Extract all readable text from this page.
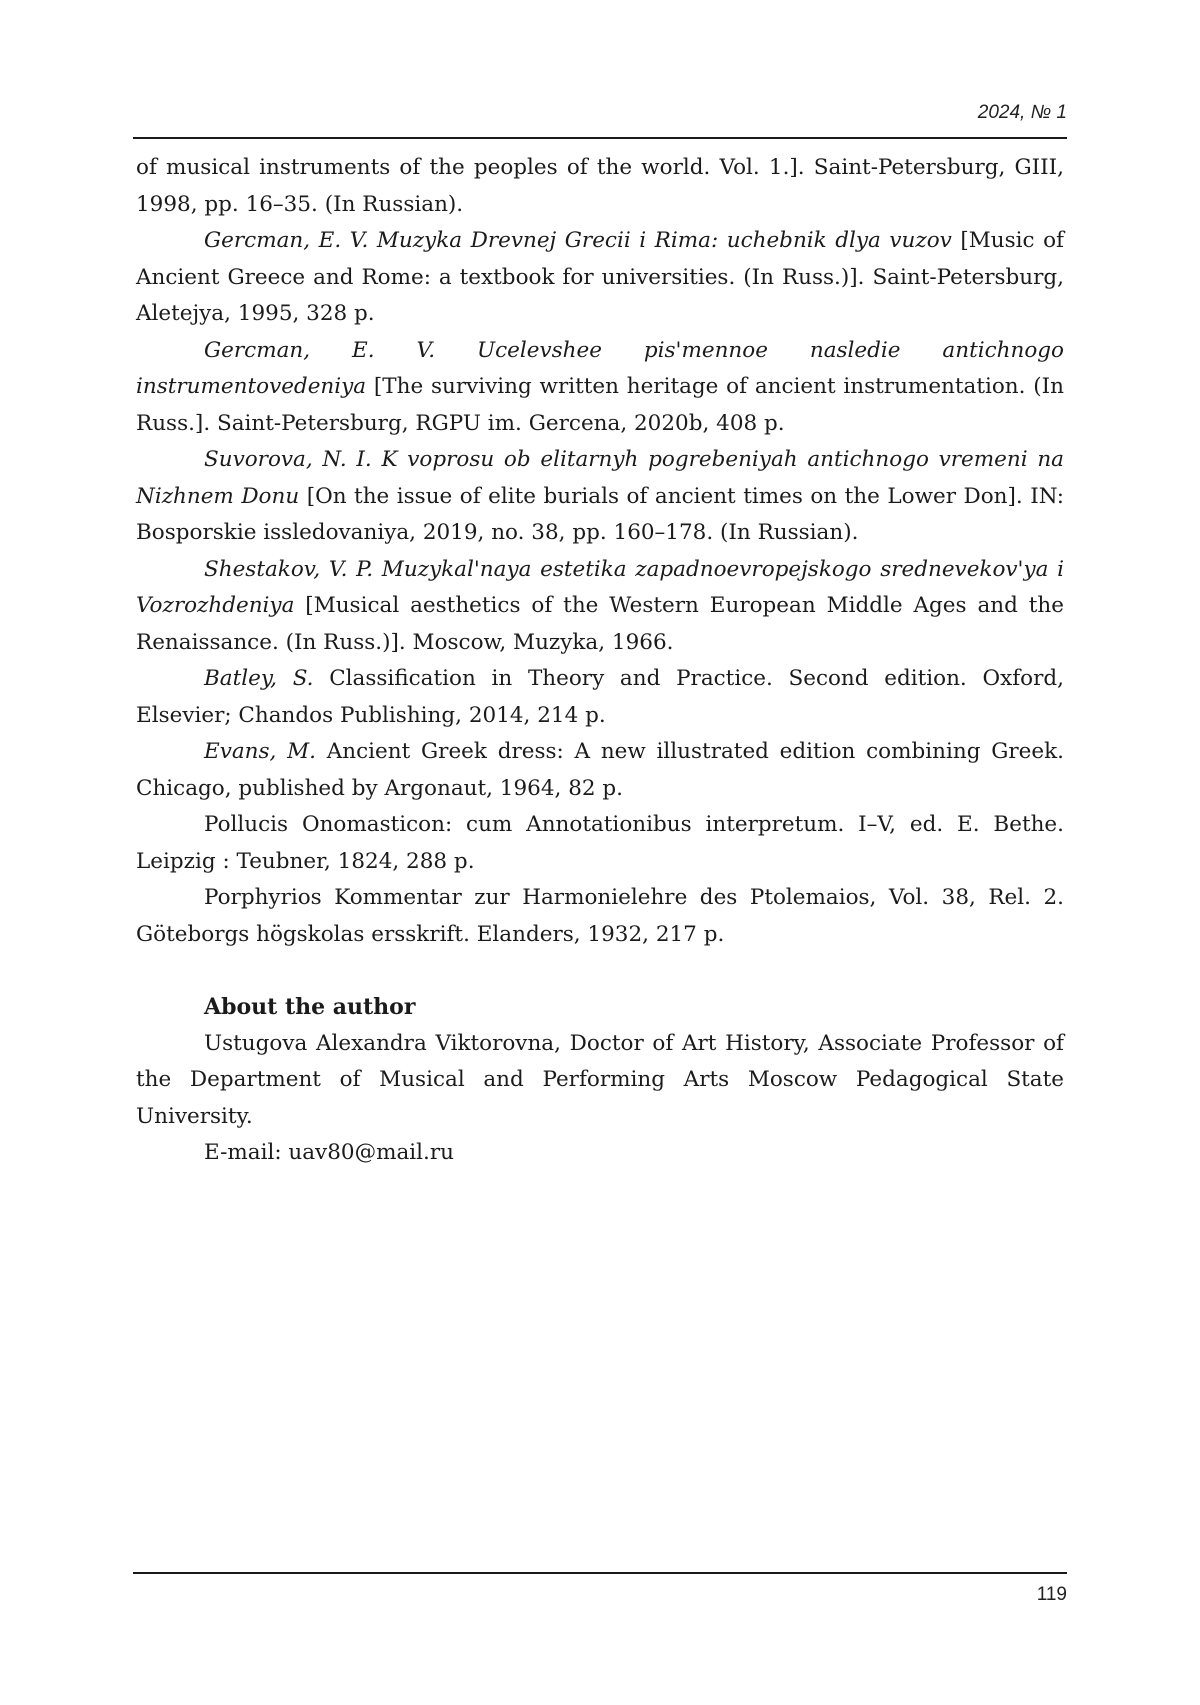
2024, № 1

of musical instruments of the peoples of the world. Vol. 1.]. Saint-Petersburg, GIII, 1998, pp. 16–35. (In Russian).

Gercman, E. V. Muzyka Drevnej Grecii i Rima: uchebnik dlya vuzov [Music of Ancient Greece and Rome: a textbook for universities. (In Russ.)]. Saint-Petersburg, Aletejya, 1995, 328 p.

Gercman, E. V. Ucelevshee pis'mennoe nasledie antichnogo instrumentovedeniya [The surviving written heritage of ancient instrumentation. (In Russ.]. Saint-Petersburg, RGPU im. Gercena, 2020b, 408 p.

Suvorova, N. I. K voprosu ob elitarnyh pogrebeniyah antichnogo vremeni na Nizhnem Donu [On the issue of elite burials of ancient times on the Lower Don]. IN: Bosporskie issledovaniya, 2019, no. 38, pp. 160–178. (In Russian).

Shestakov, V. P. Muzykal'naya estetika zapadnoevropejskogo srednevekov'ya i Vozrozhdeniya [Musical aesthetics of the Western European Middle Ages and the Renaissance. (In Russ.)]. Moscow, Muzyka, 1966.

Batley, S. Classification in Theory and Practice. Second edition. Oxford, Elsevier; Chandos Publishing, 2014, 214 p.

Evans, M. Ancient Greek dress: A new illustrated edition combining Greek. Chicago, published by Argonaut, 1964, 82 p.

Pollucis Onomasticon: cum Annotationibus interpretum. I–V, ed. E. Bethe. Leipzig : Teubner, 1824, 288 p.

Porphyrios Kommentar zur Harmonielehre des Ptolemaios, Vol. 38, Rel. 2. Göteborgs högskolas ersskrift. Elanders, 1932, 217 p.

About the author

Ustugova Alexandra Viktorovna, Doctor of Art History, Associate Professor of the Department of Musical and Performing Arts Moscow Pedagogical State University.

E-mail: uav80@mail.ru

119
